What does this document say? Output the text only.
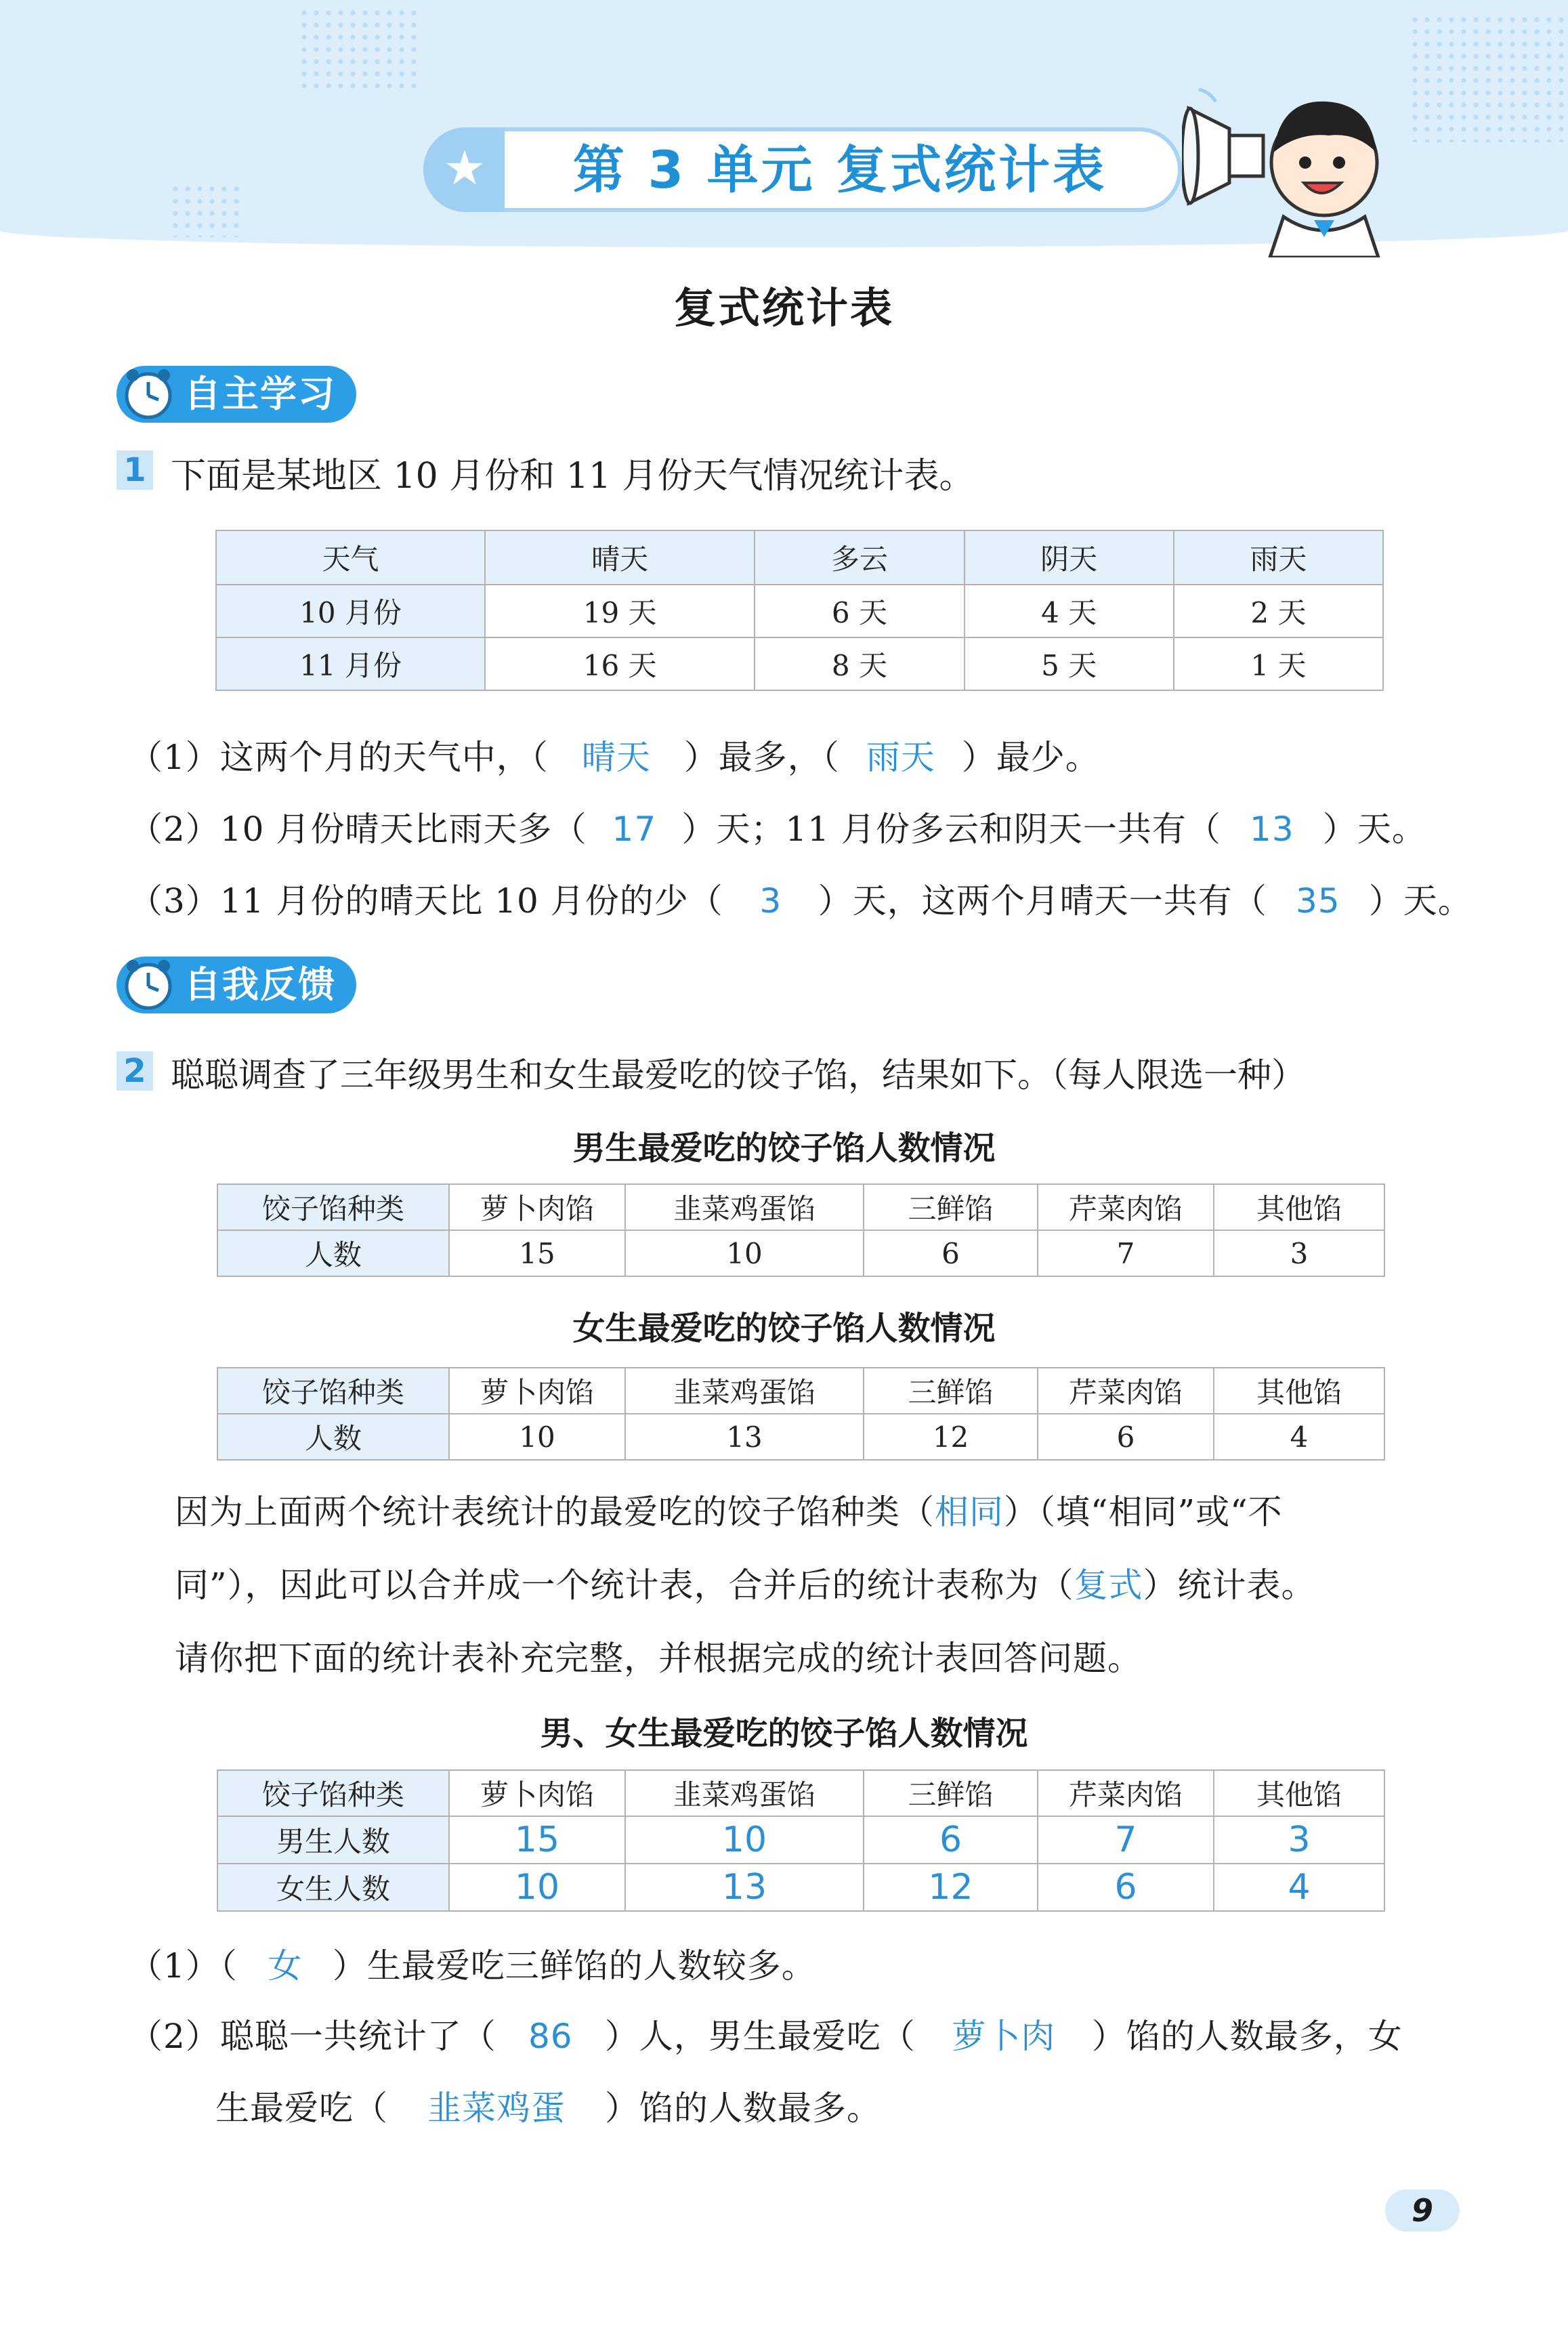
★	第 3 单元 复式统计表
复式统计表
自主学习
1 下面是某地区 10 月份和 11 月份天气情况统计表。
天气	晴天	多云	阴天	雨天
10 月份	19 天	6 天	4 天	2 天
11 月份	16 天	8 天	5 天	1 天
（1）这两个月的天气中，（ 晴天 ）最多，（ 雨天 ）最少。
（2）10 月份晴天比雨天多（ 17 ）天；11 月份多云和阴天一共有（ 13 ）天。
（3）11 月份的晴天比 10 月份的少（ 3 ）天，这两个月晴天一共有（ 35 ）天。
自我反馈
2 聪聪调查了三年级男生和女生最爱吃的饺子馅，结果如下。（每人限选一种）
男生最爱吃的饺子馅人数情况
饺子馅种类	萝卜肉馅	韭菜鸡蛋馅	三鲜馅	芹菜肉馅	其他馅
人数	15	10	6	7	3
女生最爱吃的饺子馅人数情况
饺子馅种类	萝卜肉馅	韭菜鸡蛋馅	三鲜馅	芹菜肉馅	其他馅
人数	10	13	12	6	4
因为上面两个统计表统计的最爱吃的饺子馅种类（相同）（填“相同”或“不
同”），因此可以合并成一个统计表，合并后的统计表称为（复式）统计表。
请你把下面的统计表补充完整，并根据完成的统计表回答问题。
男、女生最爱吃的饺子馅人数情况
饺子馅种类	萝卜肉馅	韭菜鸡蛋馅	三鲜馅	芹菜肉馅	其他馅
男生人数	15	10	6	7	3
女生人数	10	13	12	6	4
（1）（ 女 ）生最爱吃三鲜馅的人数较多。
（2）聪聪一共统计了（ 86 ）人，男生最爱吃（ 萝卜肉 ）馅的人数最多，女
生最爱吃（ 韭菜鸡蛋 ）馅的人数最多。
9
